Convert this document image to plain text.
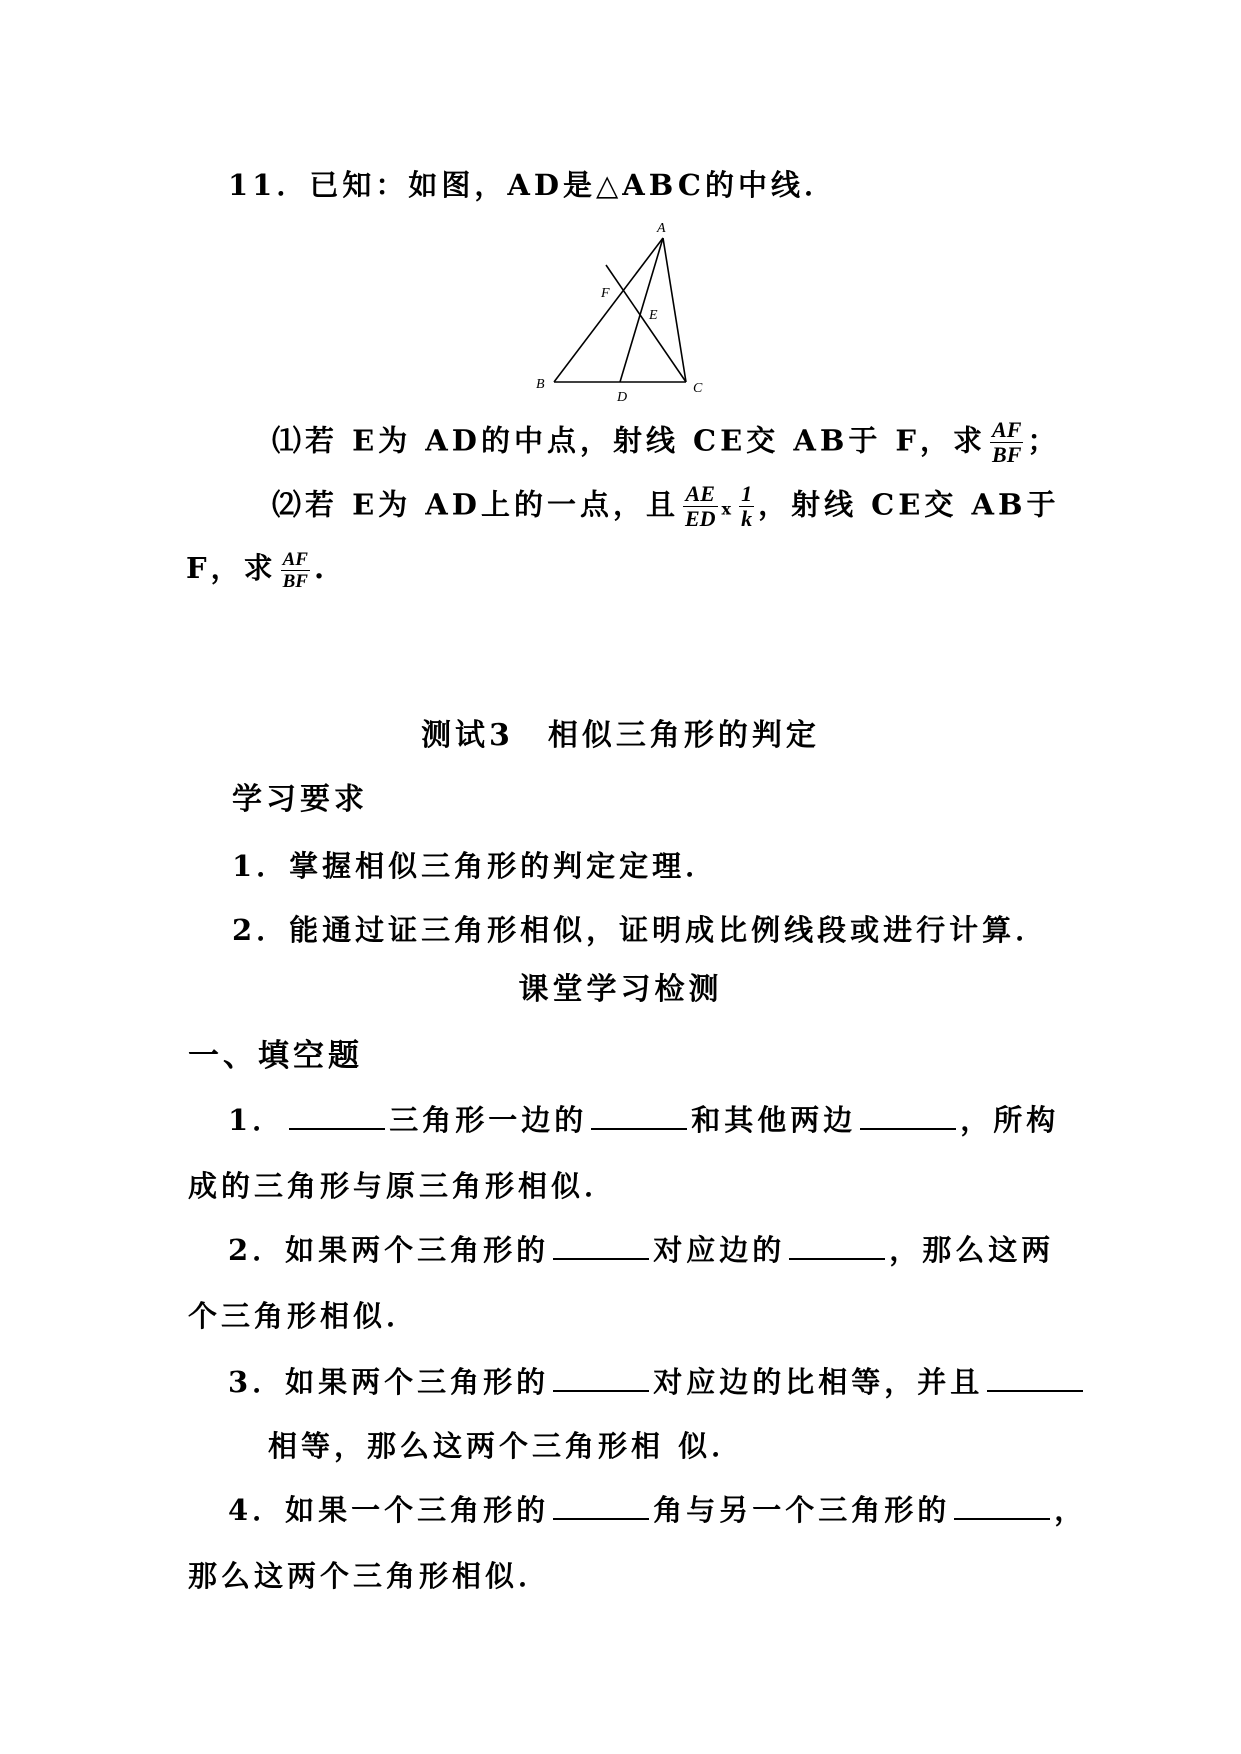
11．已知：如图，AD是△ABC的中线．
A
B	C
D
E
F
⑴若 E为 AD的中点，射线 CE交 AB于 F，求 $\frac{AF}{BF}$ ；
⑵若 E为 AD上的一点，且 $\frac{AE}{ED}$ ⅹ $\frac{1}{k}$ ，射线 CE交 AB于
F，求 $\frac{AF}{BF}$ .
测试3　相似三角形的判定
学习要求
1．掌握相似三角形的判定定理．
2．能通过证三角形相似，证明成比例线段或进行计算．
课堂学习检测
一、填空题
1．	三角形一边的	和其他两边	，所构
成的三角形与原三角形相似．
2．如果两个三角形的	对应边的	，那么这两
个三角形相似．
3．如果两个三角形的	对应边的比相等，并且
相等，那么这两个三角形相 似．
4．如果一个三角形的	角与另一个三角形的	，
那么这两个三角形相似．
